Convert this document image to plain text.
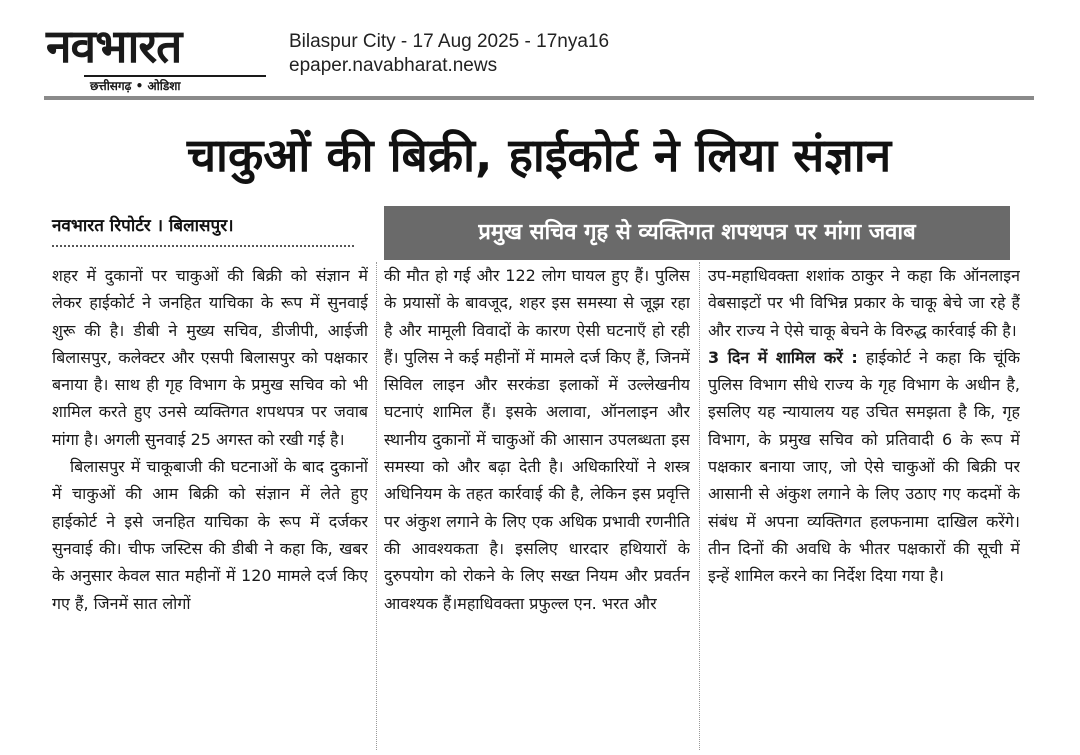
नवभारत
छत्तीसगढ़ • ओडिशा
Bilaspur City - 17 Aug 2025 - 17nya16
epaper.navabharat.news
चाकुओं की बिक्री, हाईकोर्ट ने लिया संज्ञान
नवभारत रिपोर्टर । बिलासपुर।	प्रमुख सचिव गृह से व्यक्तिगत शपथपत्र पर मांगा जवाब

शहर में दुकानों पर चाकुओं की बिक्री को संज्ञान में लेकर हाईकोर्ट ने जनहित याचिका के रूप में सुनवाई शुरू की है। डीबी ने मुख्य सचिव, डीजीपी, आईजी बिलासपुर, कलेक्टर और एसपी बिलासपुर को पक्षकार बनाया है। साथ ही गृह विभाग के प्रमुख सचिव को भी शामिल करते हुए उनसे व्यक्तिगत शपथपत्र पर जवाब मांगा है। अगली सुनवाई 25 अगस्त को रखी गई है।

बिलासपुर में चाकूबाजी की घटनाओं के बाद दुकानों में चाकुओं की आम बिक्री को संज्ञान में लेते हुए हाईकोर्ट ने इसे जनहित याचिका के रूप में दर्जकर सुनवाई की। चीफ जस्टिस की डीबी ने कहा कि, खबर के अनुसार केवल सात महीनों में 120 मामले दर्ज किए गए हैं, जिनमें सात लोगों

की मौत हो गई और 122 लोग घायल हुए हैं। पुलिस के प्रयासों के बावजूद, शहर इस समस्या से जूझ रहा है और मामूली विवादों के कारण ऐसी घटनाएँ हो रही हैं। पुलिस ने कई महीनों में मामले दर्ज किए हैं, जिनमें सिविल लाइन और सरकंडा इलाकों में उल्लेखनीय घटनाएं शामिल हैं। इसके अलावा, ऑनलाइन और स्थानीय दुकानों में चाकुओं की आसान उपलब्धता इस समस्या को और बढ़ा देती है। अधिकारियों ने शस्त्र अधिनियम के तहत कार्रवाई की है, लेकिन इस प्रवृत्ति पर अंकुश लगाने के लिए एक अधिक प्रभावी रणनीति की आवश्यकता है। इसलिए धारदार हथियारों के दुरुपयोग को रोकने के लिए सख्त नियम और प्रवर्तन आवश्यक हैं।महाधिवक्ता प्रफुल्ल एन. भरत और

उप-महाधिवक्ता शशांक ठाकुर ने कहा कि ऑनलाइन वेबसाइटों पर भी विभिन्न प्रकार के चाकू बेचे जा रहे हैं और राज्य ने ऐसे चाकू बेचने के विरुद्ध कार्रवाई की है।

3 दिन में शामिल करें : हाईकोर्ट ने कहा कि चूंकि पुलिस विभाग सीधे राज्य के गृह विभाग के अधीन है, इसलिए यह न्यायालय यह उचित समझता है कि, गृह विभाग, के प्रमुख सचिव को प्रतिवादी 6 के रूप में पक्षकार बनाया जाए, जो ऐसे चाकुओं की बिक्री पर आसानी से अंकुश लगाने के लिए उठाए गए कदमों के संबंध में अपना व्यक्तिगत हलफनामा दाखिल करेंगे। तीन दिनों की अवधि के भीतर पक्षकारों की सूची में इन्हें शामिल करने का निर्देश दिया गया है।
